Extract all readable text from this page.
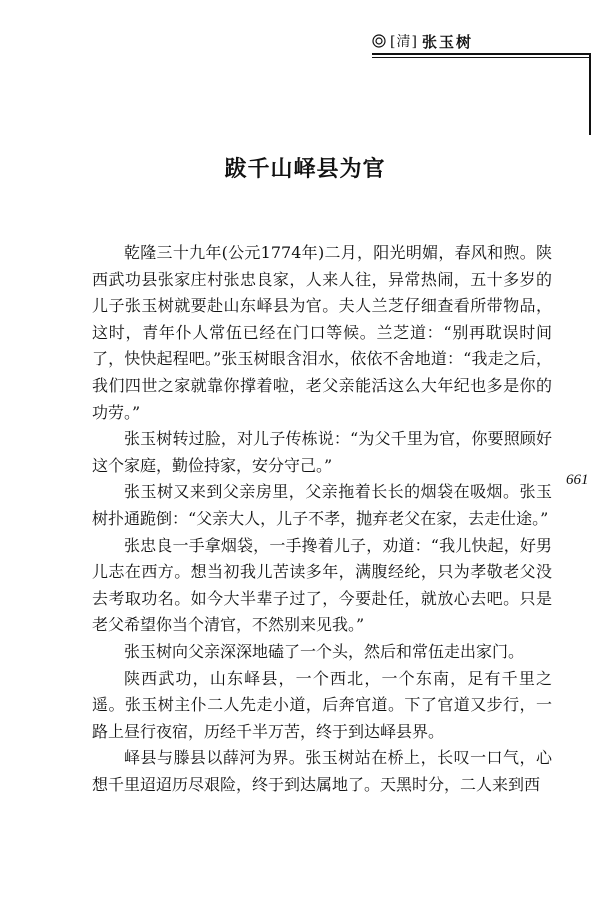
[清] 张玉树
跋千山峄县为官

乾隆三十九年(公元1774年)二月，阳光明媚，春风和煦。陕西武功县张家庄村张忠良家，人来人往，异常热闹，五十多岁的儿子张玉树就要赴山东峄县为官。夫人兰芝仔细查看所带物品，这时，青年仆人常伍已经在门口等候。兰芝道：“别再耽误时间了，快快起程吧。”张玉树眼含泪水，依依不舍地道：“我走之后，我们四世之家就靠你撑着啦，老父亲能活这么大年纪也多是你的功劳。”

张玉树转过脸，对儿子传栋说：“为父千里为官，你要照顾好这个家庭，勤俭持家，安分守己。”

张玉树又来到父亲房里，父亲拖着长长的烟袋在吸烟。张玉树扑通跪倒：“父亲大人，儿子不孝，抛弃老父在家，去走仕途。”

张忠良一手拿烟袋，一手搀着儿子，劝道：“我儿快起，好男儿志在西方。想当初我儿苦读多年，满腹经纶，只为孝敬老父没去考取功名。如今大半辈子过了，今要赴任，就放心去吧。只是老父希望你当个清官，不然别来见我。”

张玉树向父亲深深地磕了一个头，然后和常伍走出家门。

陕西武功，山东峄县，一个西北，一个东南，足有千里之遥。张玉树主仆二人先走小道，后奔官道。下了官道又步行，一路上昼行夜宿，历经千半万苦，终于到达峄县界。

峄县与滕县以薛河为界。张玉树站在桥上，长叹一口气，心想千里迢迢历尽艰险，终于到达属地了。天黑时分，二人来到西

661
